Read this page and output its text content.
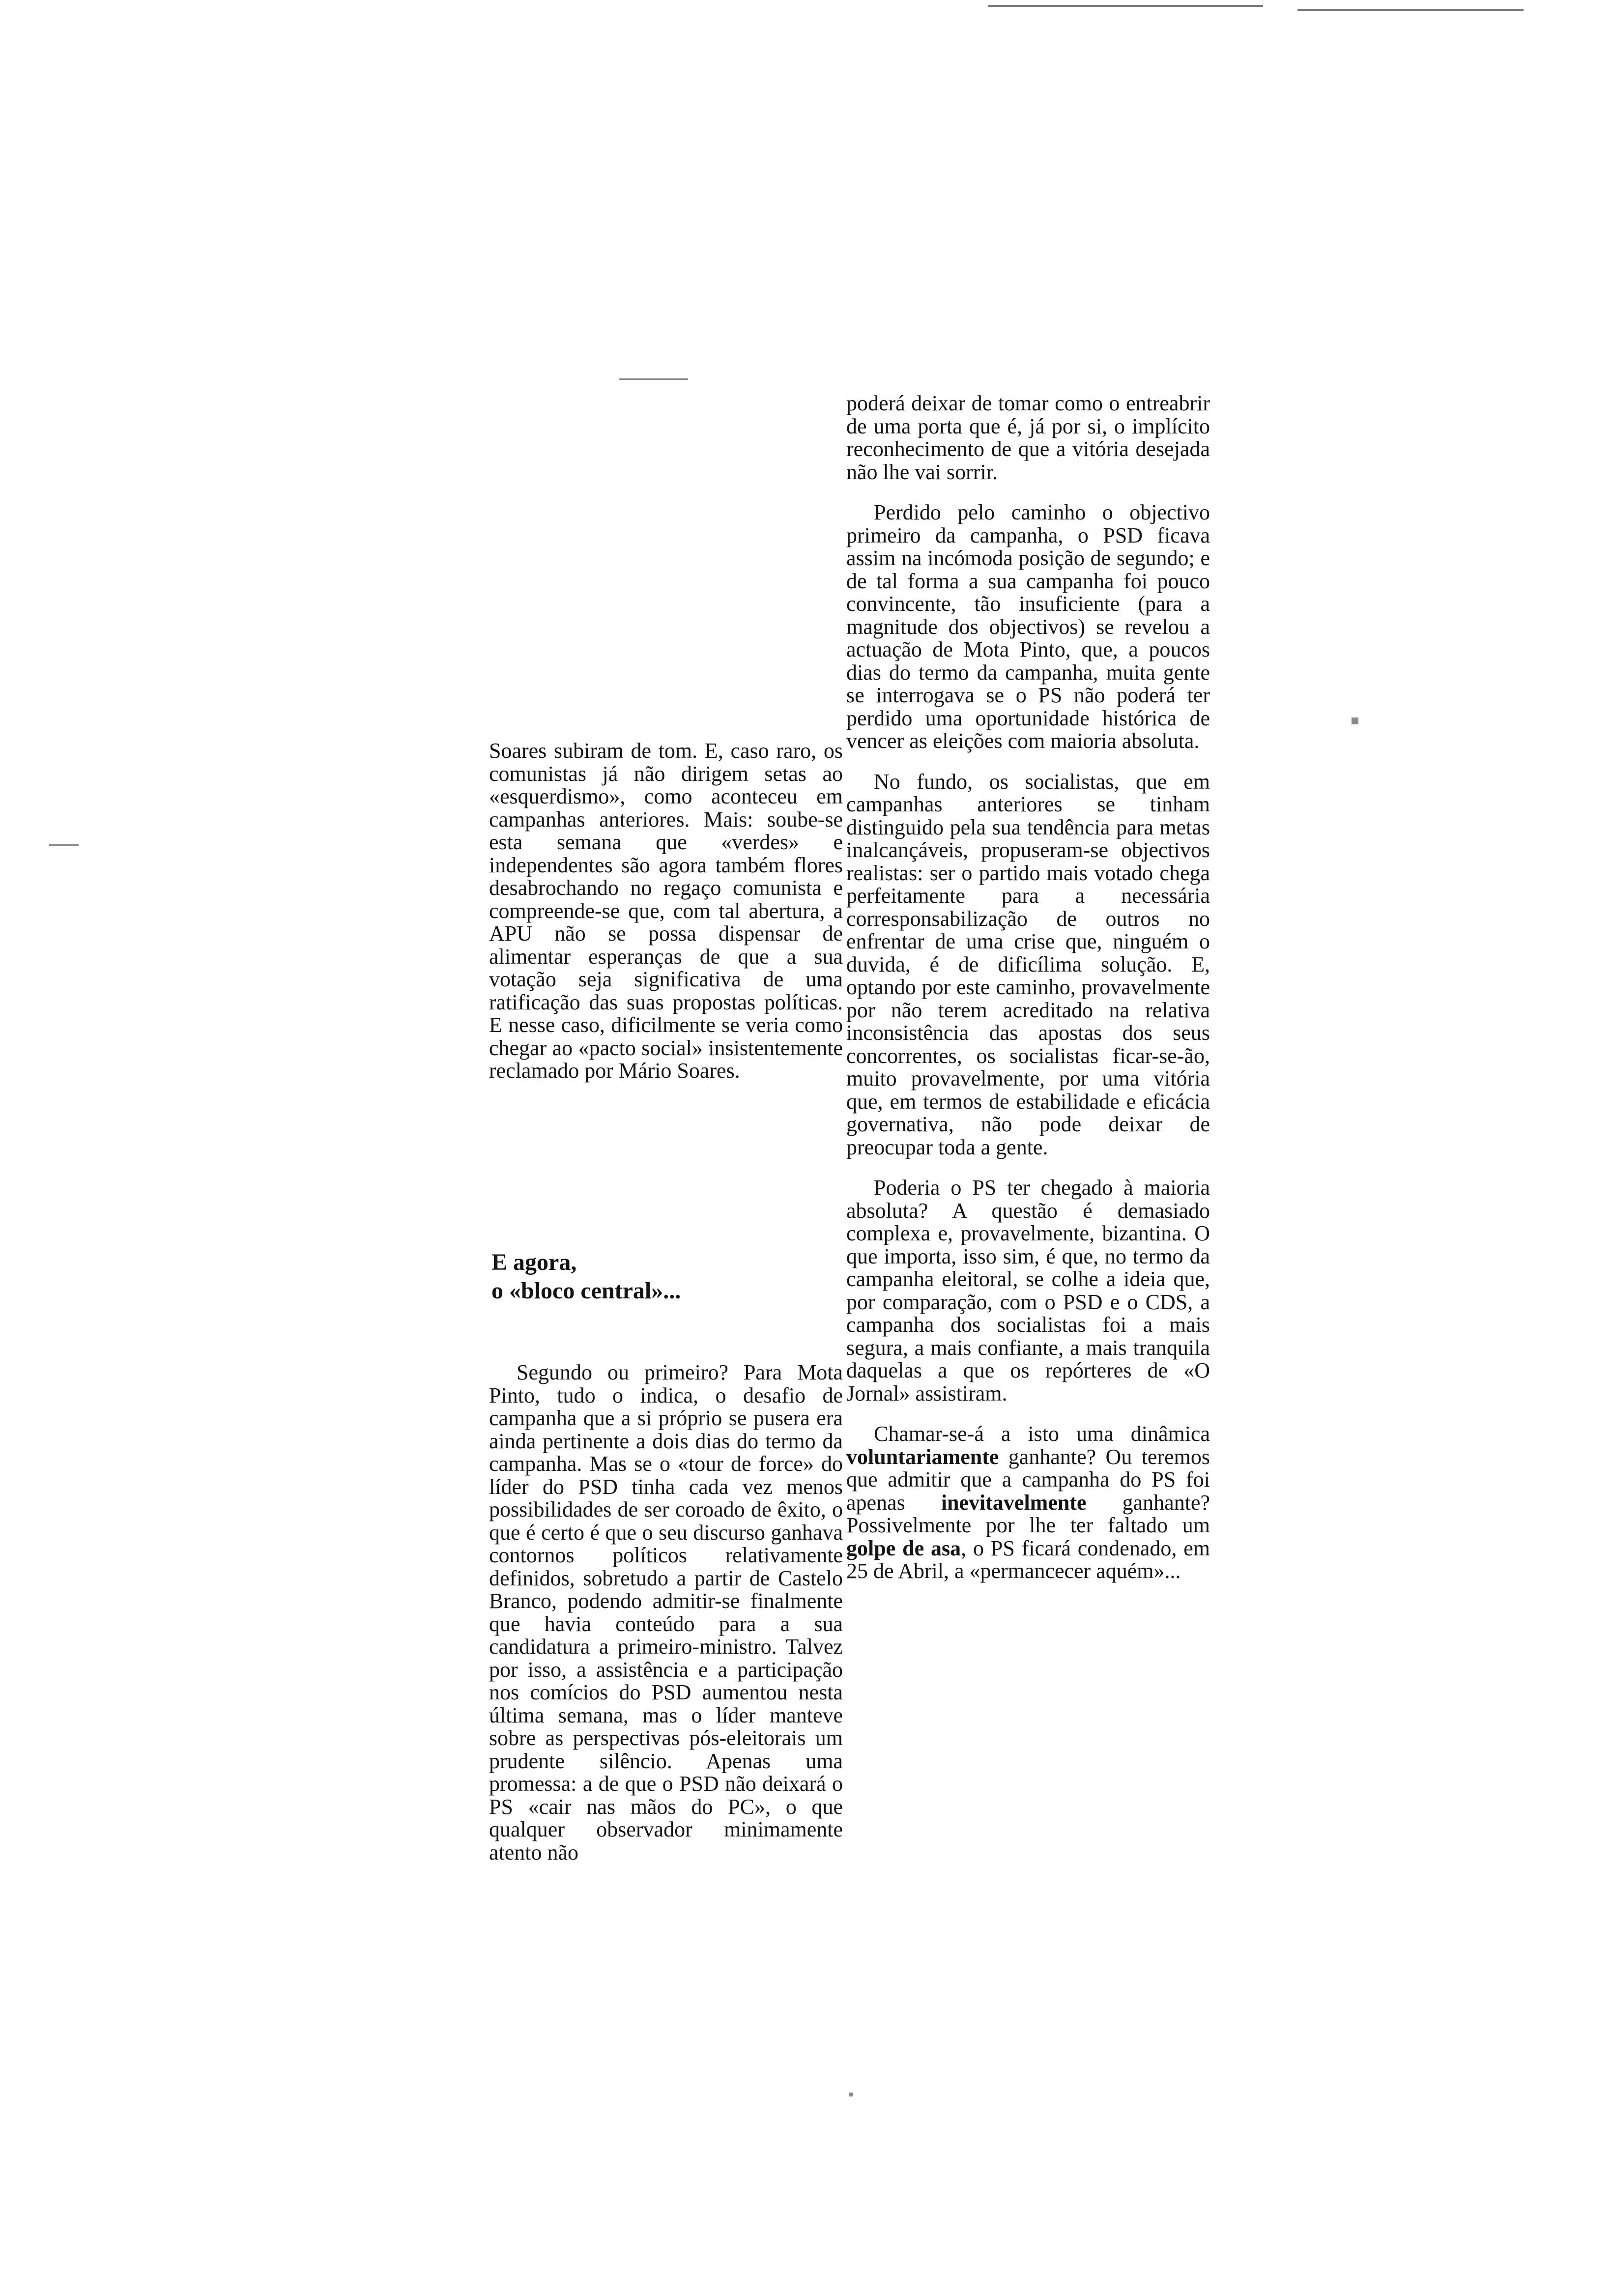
Soares subiram de tom. E, caso raro, os comunistas já não dirigem setas ao «esquerdismo», como aconteceu em campanhas anteriores. Mais: soube-se esta semana que «verdes» e independentes são agora também flores desabrochando no regaço comunista e compreende-se que, com tal abertura, a APU não se possa dispensar de alimentar esperanças de que a sua votação seja significativa de uma ratificação das suas propostas políticas. E nesse caso, dificilmente se veria como chegar ao «pacto social» insistentemente reclamado por Mário Soares.

E agora,
o «bloco central»...

Segundo ou primeiro? Para Mota Pinto, tudo o indica, o desafio de campanha que a si próprio se pusera era ainda pertinente a dois dias do termo da campanha. Mas se o «tour de force» do líder do PSD tinha cada vez menos possibilidades de ser coroado de êxito, o que é certo é que o seu discurso ganhava contornos políticos relativamente definidos, sobretudo a partir de Castelo Branco, podendo admitir-se finalmente que havia conteúdo para a sua candidatura a primeiro-ministro. Talvez por isso, a assistência e a participação nos comícios do PSD aumentou nesta última semana, mas o líder manteve sobre as perspectivas pós-eleitorais um prudente silêncio. Apenas uma promessa: a de que o PSD não deixará o PS «cair nas mãos do PC», o que qualquer observador minimamente atento não

poderá deixar de tomar como o entreabrir de uma porta que é, já por si, o implícito reconhecimento de que a vitória desejada não lhe vai sorrir.

Perdido pelo caminho o objectivo primeiro da campanha, o PSD ficava assim na incómoda posição de segundo; e de tal forma a sua campanha foi pouco convincente, tão insuficiente (para a magnitude dos objectivos) se revelou a actuação de Mota Pinto, que, a poucos dias do termo da campanha, muita gente se interrogava se o PS não poderá ter perdido uma oportunidade histórica de vencer as eleições com maioria absoluta.

No fundo, os socialistas, que em campanhas anteriores se tinham distinguido pela sua tendência para metas inalcançáveis, propuseram-se objectivos realistas: ser o partido mais votado chega perfeitamente para a necessária corresponsabilização de outros no enfrentar de uma crise que, ninguém o duvida, é de dificílima solução. E, optando por este caminho, provavelmente por não terem acreditado na relativa inconsistência das apostas dos seus concorrentes, os socialistas ficar-se-ão, muito provavelmente, por uma vitória que, em termos de estabilidade e eficácia governativa, não pode deixar de preocupar toda a gente.

Poderia o PS ter chegado à maioria absoluta? A questão é demasiado complexa e, provavelmente, bizantina. O que importa, isso sim, é que, no termo da campanha eleitoral, se colhe a ideia que, por comparação, com o PSD e o CDS, a campanha dos socialistas foi a mais segura, a mais confiante, a mais tranquila daquelas a que os repórteres de «O Jornal» assistiram.

Chamar-se-á a isto uma dinâmica voluntariamente ganhante? Ou teremos que admitir que a campanha do PS foi apenas inevitavelmente ganhante? Possivelmente por lhe ter faltado um golpe de asa, o PS ficará condenado, em 25 de Abril, a «permancecer aquém»...
